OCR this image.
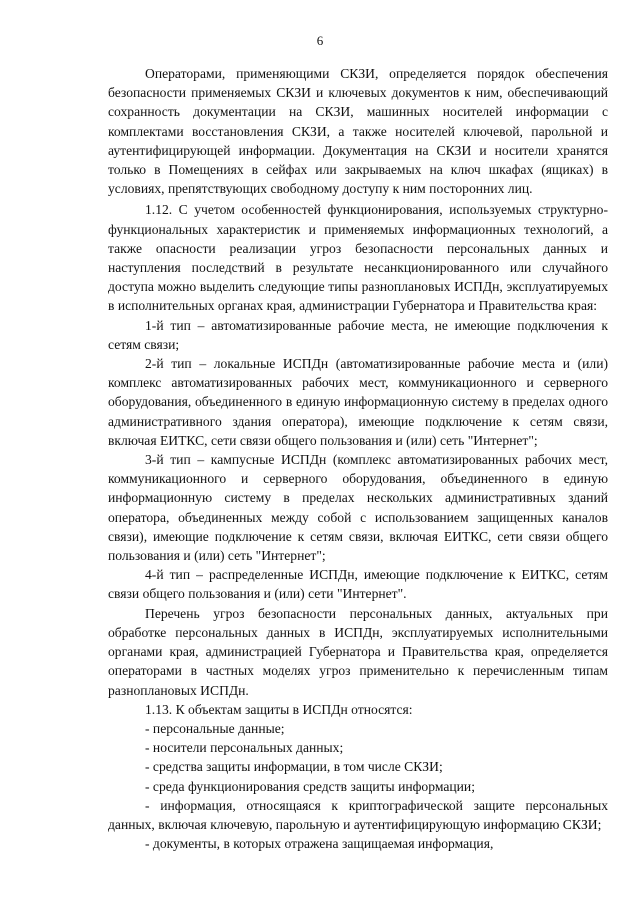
6

Операторами, применяющими СКЗИ, определяется порядок обеспечения безопасности применяемых СКЗИ и ключевых документов к ним, обеспечивающий сохранность документации на СКЗИ, машинных носителей информации с комплектами восстановления СКЗИ, а также носителей ключевой, парольной и аутентифицирующей информации. Документация на СКЗИ и носители хранятся только в Помещениях в сейфах или закрываемых на ключ шкафах (ящиках) в условиях, препятствующих свободному доступу к ним посторонних лиц.

1.12. С учетом особенностей функционирования, используемых структурно-функциональных характеристик и применяемых информационных технологий, а также опасности реализации угроз безопасности персональных данных и наступления последствий в результате несанкционированного или случайного доступа можно выделить следующие типы разноплановых ИСПДн, эксплуатируемых в исполнительных органах края, администрации Губернатора и Правительства края:

1-й тип – автоматизированные рабочие места, не имеющие подключения к сетям связи;

2-й тип – локальные ИСПДн (автоматизированные рабочие места и (или) комплекс автоматизированных рабочих мест, коммуникационного и серверного оборудования, объединенного в единую информационную систему в пределах одного административного здания оператора), имеющие подключение к сетям связи, включая ЕИТКС, сети связи общего пользования и (или) сеть "Интернет";

3-й тип – кампусные ИСПДн (комплекс автоматизированных рабочих мест, коммуникационного и серверного оборудования, объединенного в единую информационную систему в пределах нескольких административных зданий оператора, объединенных между собой с использованием защищенных каналов связи), имеющие подключение к сетям связи, включая ЕИТКС, сети связи общего пользования и (или) сеть "Интернет";

4-й тип – распределенные ИСПДн, имеющие подключение к ЕИТКС, сетям связи общего пользования и (или) сети "Интернет".

Перечень угроз безопасности персональных данных, актуальных при обработке персональных данных в ИСПДн, эксплуатируемых исполнительными органами края, администрацией Губернатора и Правительства края, определяется операторами в частных моделях угроз применительно к перечисленным типам разноплановых ИСПДн.

1.13. К объектам защиты в ИСПДн относятся:

- персональные данные;

- носители персональных данных;

- средства защиты информации, в том числе СКЗИ;

- среда функционирования средств защиты информации;

- информация, относящаяся к криптографической защите персональных данных, включая ключевую, парольную и аутентифицирующую информацию СКЗИ;

- документы, в которых отражена защищаемая информация,
